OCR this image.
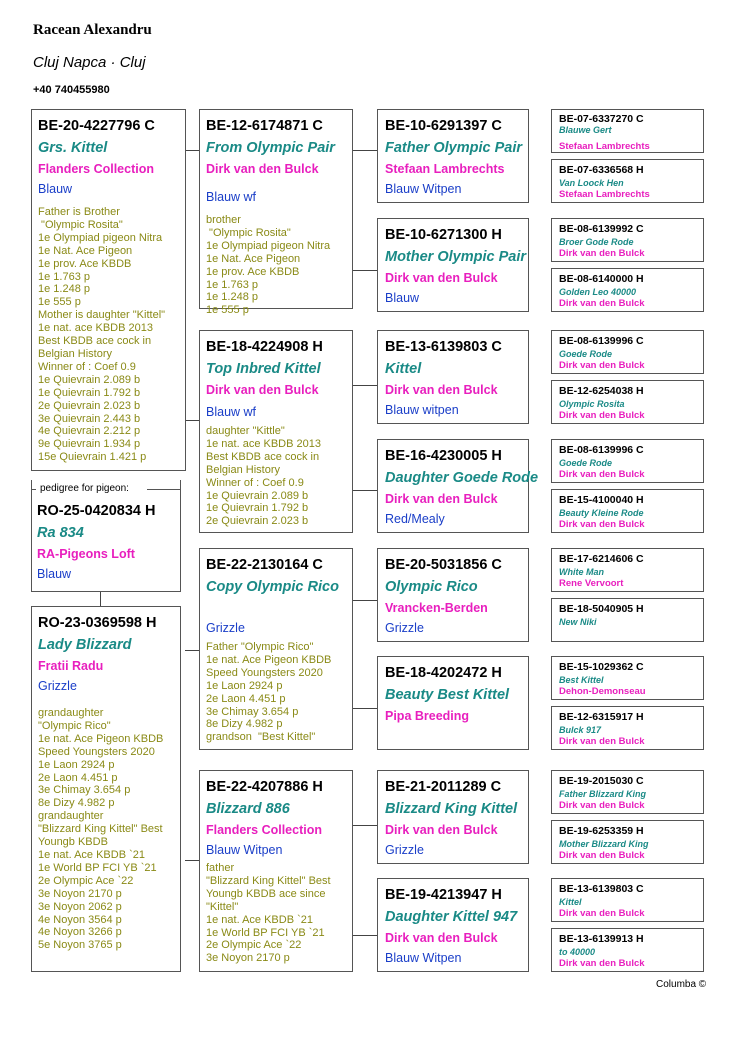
Racean Alexandru
Cluj Napca · Cluj
+40 740455980
BE-20-4227796 C
Grs. Kittel
Flanders Collection
Blauw
Father is Brother
"Olympic Rosita"
1e Olympiad pigeon Nitra
1e Nat. Ace Pigeon
1e prov. Ace KBDB
1e 1.763 p
1e 1.248 p
1e 555 p
Mother is daughter "Kittel"
1e nat. ace KBDB 2013
Best KBDB ace cock in
Belgian History
Winner of : Coef 0.9
1e Quievrain 2.089 b
1e Quievrain 1.792 b
2e Quievrain 2.023 b
3e Quievrain 2.443 b
4e Quievrain 2.212 p
9e Quievrain 1.934 p
15e Quievrain 1.421 p
pedigree for pigeon:
RO-25-0420834 H
Ra 834
RA-Pigeons Loft
Blauw
RO-23-0369598 H
Lady Blizzard
Fratii Radu
Grizzle
grandaughter
"Olympic Rico"
1e nat. Ace Pigeon KBDB
Speed Youngsters 2020
1e Laon 2924 p
2e Laon 4.451 p
3e Chimay 3.654 p
8e Dizy 4.982 p
grandaughter
"Blizzard King Kittel" Best
Youngb KBDB
1e nat. Ace KBDB `21
1e World BP FCI YB `21
2e Olympic Ace `22
3e Noyon 2170 p
3e Noyon 2062 p
4e Noyon 3564 p
4e Noyon 3266 p
5e Noyon 3765 p
BE-12-6174871 C
From Olympic Pair
Dirk van den Bulck
Blauw wf
brother
"Olympic Rosita"
1e Olympiad pigeon Nitra
1e Nat. Ace Pigeon
1e prov. Ace KBDB
1e 1.763 p
1e 1.248 p
1e 555 p
BE-18-4224908 H
Top Inbred Kittel
Dirk van den Bulck
Blauw wf
daughter "Kittle"
1e nat. ace KBDB 2013
Best KBDB ace cock in
Belgian History
Winner of : Coef 0.9
1e Quievrain 2.089 b
1e Quievrain 1.792 b
2e Quievrain 2.023 b
BE-22-2130164 C
Copy Olympic Rico
Grizzle
Father "Olympic Rico"
1e nat. Ace Pigeon KBDB
Speed Youngsters 2020
1e Laon 2924 p
2e Laon 4.451 p
3e Chimay 3.654 p
8e Dizy 4.982 p
grandson  "Best Kittel"
BE-22-4207886 H
Blizzard 886
Flanders Collection
Blauw Witpen
father
"Blizzard King Kittel" Best
Youngb KBDB ace since
"Kittel"
1e nat. Ace KBDB `21
1e World BP FCI YB `21
2e Olympic Ace `22
3e Noyon 2170 p
BE-10-6291397 C
Father Olympic Pair
Stefaan Lambrechts
Blauw Witpen
BE-10-6271300 H
Mother Olympic Pair
Dirk van den Bulck
Blauw
BE-13-6139803 C
Kittel
Dirk van den Bulck
Blauw witpen
BE-16-4230005 H
Daughter Goede Rode
Dirk van den Bulck
Red/Mealy
BE-20-5031856 C
Olympic Rico
Vrancken-Berden
Grizzle
BE-18-4202472 H
Beauty Best Kittel
Pipa Breeding
BE-21-2011289 C
Blizzard King Kittel
Dirk van den Bulck
Grizzle
BE-19-4213947 H
Daughter Kittel 947
Dirk van den Bulck
Blauw Witpen
BE-07-6337270 C
Blauwe Gert
Stefaan Lambrechts
BE-07-6336568 H
Van Loock Hen
Stefaan Lambrechts
BE-08-6139992 C
Broer Gode Rode
Dirk van den Bulck
BE-08-6140000 H
Golden Leo 40000
Dirk van den Bulck
BE-08-6139996 C
Goede Rode
Dirk van den Bulck
BE-12-6254038 H
Olympic Rosita
Dirk van den Bulck
BE-08-6139996 C
Goede Rode
Dirk van den Bulck
BE-15-4100040 H
Beauty Kleine Rode
Dirk van den Bulck
BE-17-6214606 C
White Man
Rene Vervoort
BE-18-5040905 H
New Niki
BE-15-1029362 C
Best Kittel
Dehon-Demonseau
BE-12-6315917 H
Bulck 917
Dirk van den Bulck
BE-19-2015030 C
Father Blizzard King
Dirk van den Bulck
BE-19-6253359 H
Mother Blizzard King
Dirk van den Bulck
BE-13-6139803 C
Kittel
Dirk van den Bulck
BE-13-6139913 H
to 40000
Dirk van den Bulck
Columba ©
